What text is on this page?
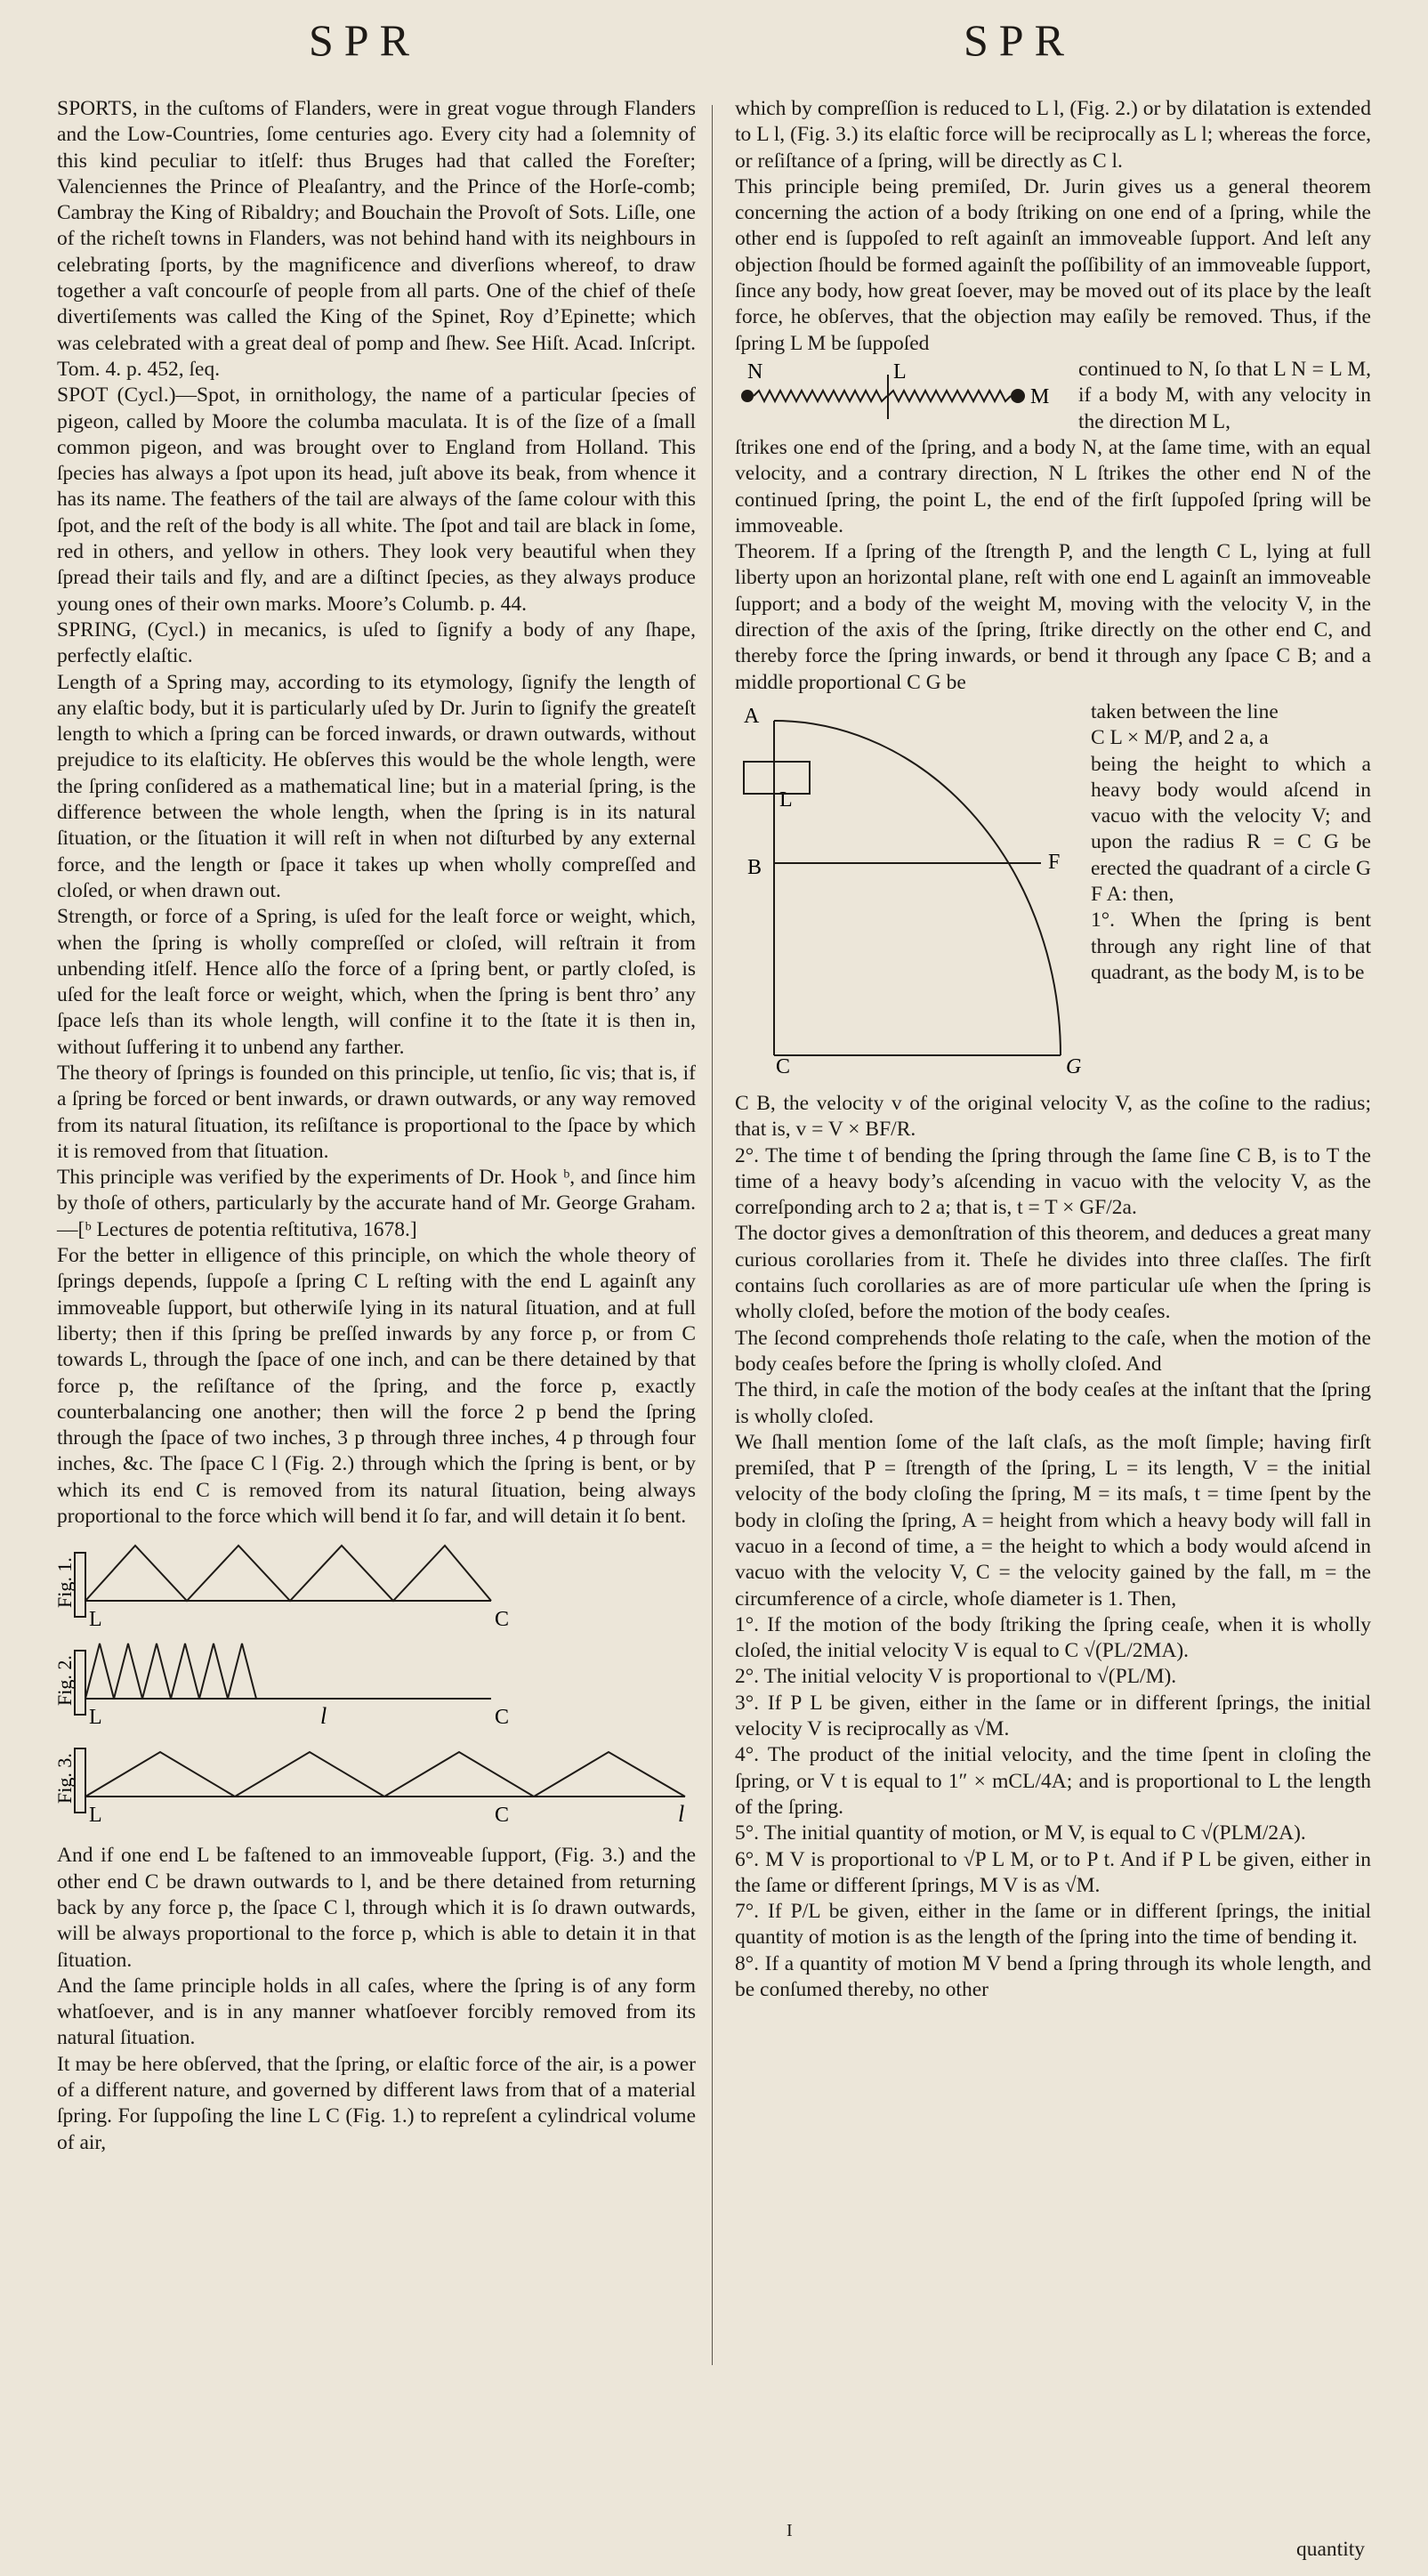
SPR	SPR

SPORTS, in the cuſtoms of Flanders, were in great vogue through Flanders and the Low-Countries, ſome centuries ago. Every city had a ſolemnity of this kind peculiar to itſelf: thus Bruges had that called the Foreſter; Valenciennes the Prince of Pleaſantry, and the Prince of the Horſe-comb; Cambray the King of Ribaldry; and Bouchain the Provoſt of Sots. Liſle, one of the richeſt towns in Flanders, was not behind hand with its neighbours in celebrating ſports, by the magnificence and diverſions whereof, to draw together a vaſt concourſe of people from all parts. One of the chief of theſe divertiſements was called the King of the Spinet, Roy d’Epinette; which was celebrated with a great deal of pomp and ſhew. See Hiſt. Acad. Inſcript. Tom. 4. p. 452, ſeq.

SPOT (Cycl.)—Spot, in ornithology, the name of a particular ſpecies of pigeon, called by Moore the columba maculata. It is of the ſize of a ſmall common pigeon, and was brought over to England from Holland. This ſpecies has always a ſpot upon its head, juſt above its beak, from whence it has its name. The feathers of the tail are always of the ſame colour with this ſpot, and the reſt of the body is all white. The ſpot and tail are black in ſome, red in others, and yellow in others. They look very beautiful when they ſpread their tails and fly, and are a diſtinct ſpecies, as they always produce young ones of their own marks. Moore’s Columb. p. 44.

SPRING, (Cycl.) in mecanics, is uſed to ſignify a body of any ſhape, perfectly elaſtic.

Length of a Spring may, according to its etymology, ſignify the length of any elaſtic body, but it is particularly uſed by Dr. Jurin to ſignify the greateſt length to which a ſpring can be forced inwards, or drawn outwards, without prejudice to its elaſticity. He obſerves this would be the whole length, were the ſpring conſidered as a mathematical line; but in a material ſpring, is the difference between the whole length, when the ſpring is in its natural ſituation, or the ſituation it will reſt in when not diſturbed by any external force, and the length or ſpace it takes up when wholly compreſſed and cloſed, or when drawn out.

Strength, or force of a Spring, is uſed for the leaſt force or weight, which, when the ſpring is wholly compreſſed or cloſed, will reſtrain it from unbending itſelf. Hence alſo the force of a ſpring bent, or partly cloſed, is uſed for the leaſt force or weight, which, when the ſpring is bent thro’ any ſpace leſs than its whole length, will confine it to the ſtate it is then in, without ſuffering it to unbend any farther.

The theory of ſprings is founded on this principle, ut tenſio, ſic vis; that is, if a ſpring be forced or bent inwards, or drawn outwards, or any way removed from its natural ſituation, its reſiſtance is proportional to the ſpace by which it is removed from that ſituation.

This principle was verified by the experiments of Dr. Hook ᵇ, and ſince him by thoſe of others, particularly by the accurate hand of Mr. George Graham.—[ᵇ Lectures de potentia reſtitutiva, 1678.]

For the better in elligence of this principle, on which the whole theory of ſprings depends, ſuppoſe a ſpring C L reſting with the end L againſt any immoveable ſupport, but otherwiſe lying in its natural ſituation, and at full liberty; then if this ſpring be preſſed inwards by any force p, or from C towards L, through the ſpace of one inch, and can be there detained by that force p, the reſiſtance of the ſpring, and the force p, exactly counterbalancing one another; then will the force 2 p bend the ſpring through the ſpace of two inches, 3 p through three inches, 4 p through four inches, &c. The ſpace C l (Fig. 2.) through which the ſpring is bent, or by which its end C is removed from its natural ſituation, being always proportional to the force which will bend it ſo far, and will detain it ſo bent.

Fig. 1.
L	C
Fig. 2.
L	l	C
Fig. 3.
L	C	l

And if one end L be faſtened to an immoveable ſupport, (Fig. 3.) and the other end C be drawn outwards to l, and be there detained from returning back by any force p, the ſpace C l, through which it is ſo drawn outwards, will be always proportional to the force p, which is able to detain it in that ſituation.

And the ſame principle holds in all caſes, where the ſpring is of any form whatſoever, and is in any manner whatſoever forcibly removed from its natural ſituation.

It may be here obſerved, that the ſpring, or elaſtic force of the air, is a power of a different nature, and governed by different laws from that of a material ſpring. For ſuppoſing the line L C (Fig. 1.) to repreſent a cylindrical volume of air,

which by compreſſion is reduced to L l, (Fig. 2.) or by dilatation is extended to L l, (Fig. 3.) its elaſtic force will be reciprocally as L l; whereas the force, or reſiſtance of a ſpring, will be directly as C l.

This principle being premiſed, Dr. Jurin gives us a general theorem concerning the action of a body ſtriking on one end of a ſpring, while the other end is ſuppoſed to reſt againſt an immoveable ſupport. And leſt any objection ſhould be formed againſt the poſſibility of an immoveable ſupport, ſince any body, how great ſoever, may be moved out of its place by the leaſt force, he obſerves, that the objection may eaſily be removed. Thus, if the ſpring L M be ſuppoſed

N	L
M

continued to N, ſo that L N = L M, if a body M, with any velocity in the direction M L,

ſtrikes one end of the ſpring, and a body N, at the ſame time, with an equal velocity, and a contrary direction, N L ſtrikes the other end N of the continued ſpring, the point L, the end of the firſt ſuppoſed ſpring will be immoveable.

Theorem. If a ſpring of the ſtrength P, and the length C L, lying at full liberty upon an horizontal plane, reſt with one end L againſt an immoveable ſupport; and a body of the weight M, moving with the velocity V, in the direction of the axis of the ſpring, ſtrike directly on the other end C, and thereby force the ſpring inwards, or bend it through any ſpace C B; and a middle proportional C G be

A
L
B	F
C	G

taken between the line

C L × M/P, and 2 a, a

being the height to which a heavy body would aſcend in vacuo with the velocity V; and upon the radius R = C G be erected the quadrant of a circle G F A: then,

1°. When the ſpring is bent through any right line of that quadrant, as the body M, is to be

C B, the velocity v of the original velocity V, as the coſine to the radius; that is, v = V × BF/R.

2°. The time t of bending the ſpring through the ſame ſine C B, is to T the time of a heavy body’s aſcending in vacuo with the velocity V, as the correſponding arch to 2 a; that is, t = T × GF/2a.

The doctor gives a demonſtration of this theorem, and deduces a great many curious corollaries from it. Theſe he divides into three claſſes. The firſt contains ſuch corollaries as are of more particular uſe when the ſpring is wholly cloſed, before the motion of the body ceaſes.

The ſecond comprehends thoſe relating to the caſe, when the motion of the body ceaſes before the ſpring is wholly cloſed. And

The third, in caſe the motion of the body ceaſes at the inſtant that the ſpring is wholly cloſed.

We ſhall mention ſome of the laſt claſs, as the moſt ſimple; having firſt premiſed, that P = ſtrength of the ſpring, L = its length, V = the initial velocity of the body cloſing the ſpring, M = its maſs, t = time ſpent by the body in cloſing the ſpring, A = height from which a heavy body will fall in vacuo in a ſecond of time, a = the height to which a body would aſcend in vacuo with the velocity V, C = the velocity gained by the fall, m = the circumference of a circle, whoſe diameter is 1. Then,

1°. If the motion of the body ſtriking the ſpring ceaſe, when it is wholly cloſed, the initial velocity V is equal to C √(PL/2MA).

2°. The initial velocity V is proportional to √(PL/M).

3°. If P L be given, either in the ſame or in different ſprings, the initial velocity V is reciprocally as √M.

4°. The product of the initial velocity, and the time ſpent in cloſing the ſpring, or V t is equal to 1″ × mCL/4A; and is proportional to L the length of the ſpring.

5°. The initial quantity of motion, or M V, is equal to C √(PLM/2A).

6°. M V is proportional to √P L M, or to P t. And if P L be given, either in the ſame or different ſprings, M V is as √M.

7°. If P/L be given, either in the ſame or in different ſprings, the initial quantity of motion is as the length of the ſpring into the time of bending it.

8°. If a quantity of motion M V bend a ſpring through its whole length, and be conſumed thereby, no other

I
quantity
